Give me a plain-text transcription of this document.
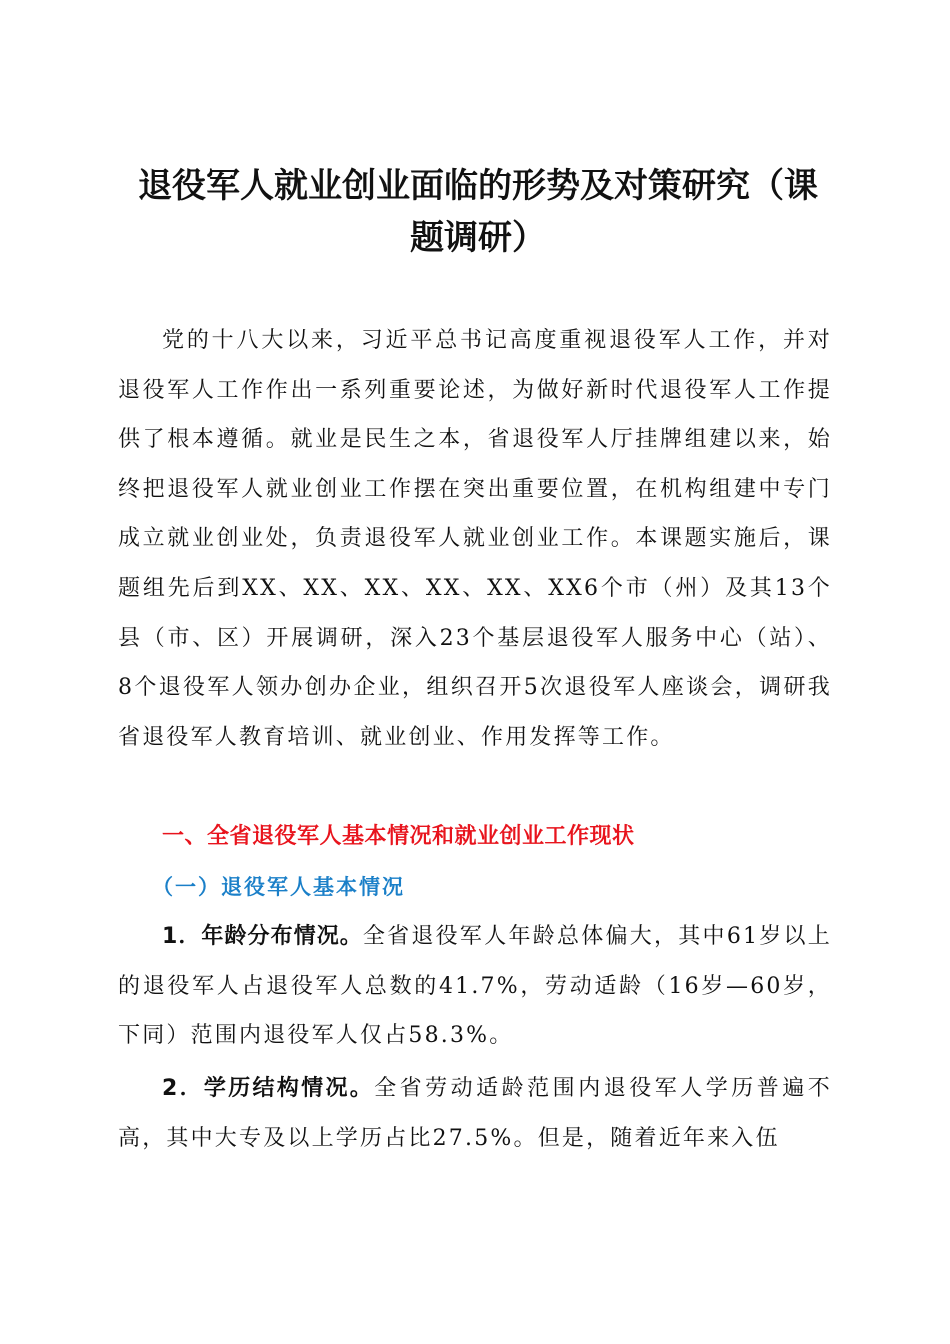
退役军人就业创业面临的形势及对策研究（课
题调研）

党的十八大以来，习近平总书记高度重视退役军人工作，并对退役军人工作作出一系列重要论述，为做好新时代退役军人工作提供了根本遵循。就业是民生之本，省退役军人厅挂牌组建以来，始终把退役军人就业创业工作摆在突出重要位置，在机构组建中专门成立就业创业处，负责退役军人就业创业工作。本课题实施后，课题组先后到XX、XX、XX、XX、XX、XX6个市（州）及其13个县（市、区）开展调研，深入23个基层退役军人服务中心（站）、8个退役军人领办创办企业，组织召开5次退役军人座谈会，调研我省退役军人教育培训、就业创业、作用发挥等工作。

一、全省退役军人基本情况和就业创业工作现状
（一）退役军人基本情况

1．年龄分布情况。全省退役军人年龄总体偏大，其中61岁以上的退役军人占退役军人总数的41.7%，劳动适龄（16岁—60岁，下同）范围内退役军人仅占58.3%。

2．学历结构情况。全省劳动适龄范围内退役军人学历普遍不高，其中大专及以上学历占比27.5%。但是，随着近年来入伍
